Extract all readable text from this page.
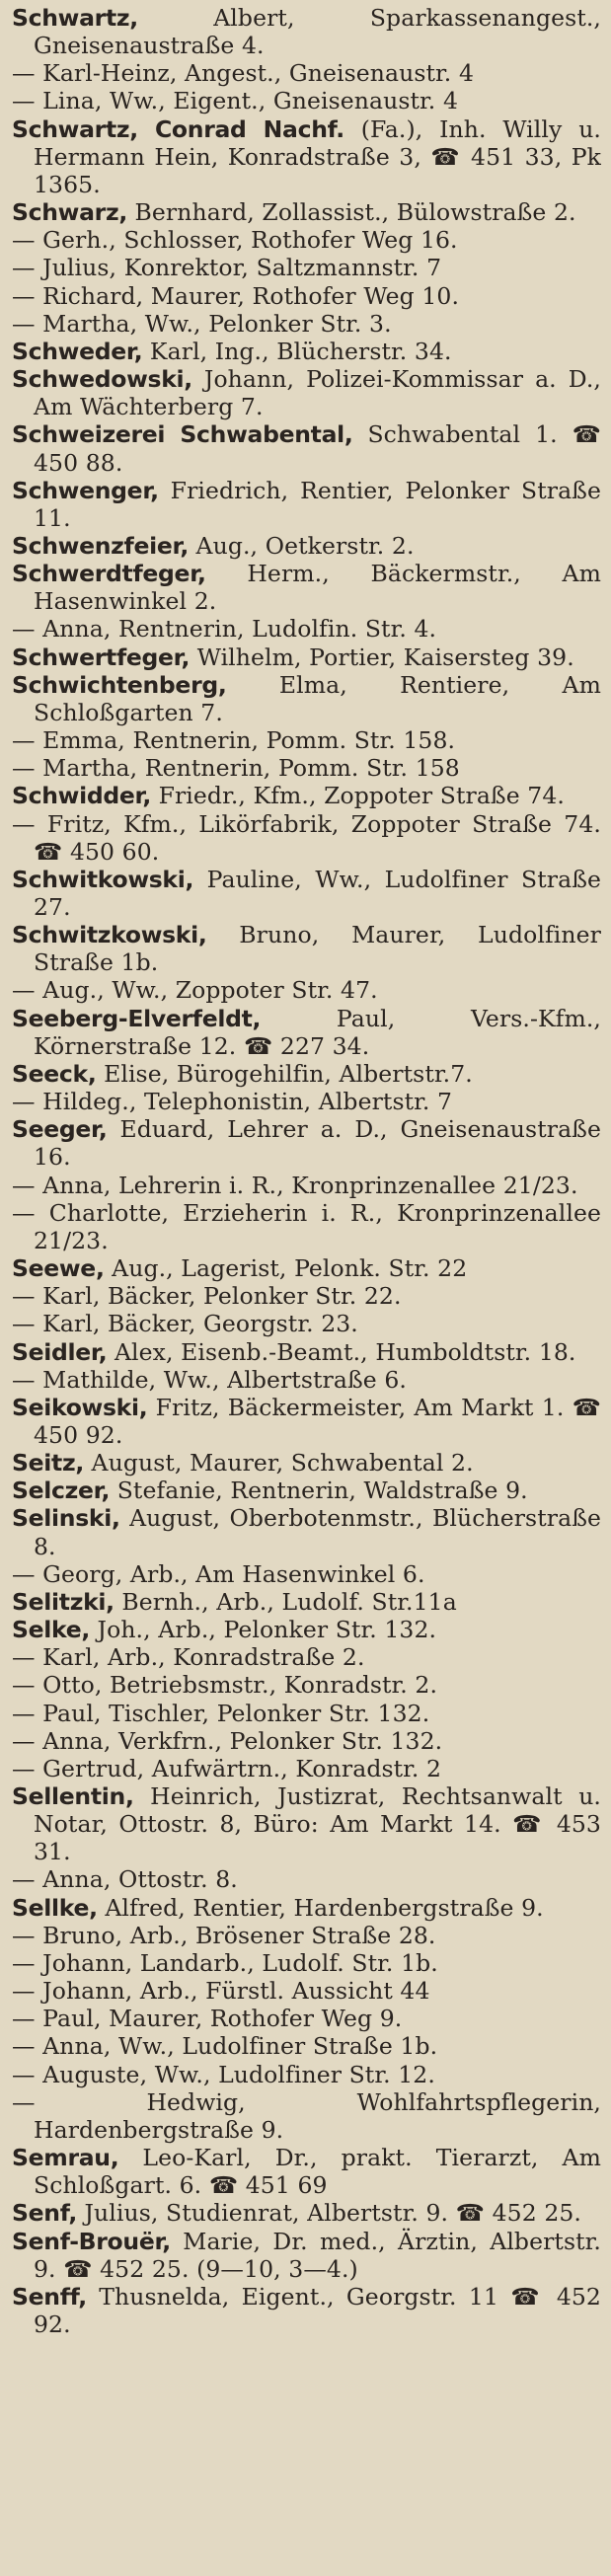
Schwartz, Albert, Sparkassenangest., Gneisenaustraße 4.
— Karl-Heinz, Angest., Gneisenaustr. 4
— Lina, Ww., Eigent., Gneisenaustr. 4
Schwartz, Conrad Nachf. (Fa.), Inh. Willy u. Hermann Hein, Konradstraße 3, ☎ 451 33, Pk 1365.
Schwarz, Bernhard, Zollassist., Bülowstraße 2.
— Gerh., Schlosser, Rothofer Weg 16.
— Julius, Konrektor, Saltzmannstr. 7
— Richard, Maurer, Rothofer Weg 10.
— Martha, Ww., Pelonker Str. 3.
Schweder, Karl, Ing., Blücherstr. 34.
Schwedowski, Johann, Polizei-Kommissar a. D., Am Wächterberg 7.
Schweizerei Schwabental, Schwabental 1. ☎ 450 88.
Schwenger, Friedrich, Rentier, Pelonker Straße 11.
Schwenzfeier, Aug., Oetkerstr. 2.
Schwerdtfeger, Herm., Bäckermstr., Am Hasenwinkel 2.
— Anna, Rentnerin, Ludolfin. Str. 4.
Schwertfeger, Wilhelm, Portier, Kaisersteg 39.
Schwichtenberg, Elma, Rentiere, Am Schloßgarten 7.
— Emma, Rentnerin, Pomm. Str. 158.
— Martha, Rentnerin, Pomm. Str. 158
Schwidder, Friedr., Kfm., Zoppoter Straße 74.
— Fritz, Kfm., Likörfabrik, Zoppoter Straße 74. ☎ 450 60.
Schwitkowski, Pauline, Ww., Ludolfiner Straße 27.
Schwitzkowski, Bruno, Maurer, Ludolfiner Straße 1b.
— Aug., Ww., Zoppoter Str. 47.
Seeberg-Elverfeldt, Paul, Vers.-Kfm., Körnerstraße 12. ☎ 227 34.
Seeck, Elise, Bürogehilfin, Albertstr.7.
— Hildeg., Telephonistin, Albertstr. 7
Seeger, Eduard, Lehrer a. D., Gneisenaustraße 16.
— Anna, Lehrerin i. R., Kronprinzenallee 21/23.
— Charlotte, Erzieherin i. R., Kronprinzenallee 21/23.
Seewe, Aug., Lagerist, Pelonk. Str. 22
— Karl, Bäcker, Pelonker Str. 22.
— Karl, Bäcker, Georgstr. 23.
Seidler, Alex, Eisenb.-Beamt., Humboldtstr. 18.
— Mathilde, Ww., Albertstraße 6.
Seikowski, Fritz, Bäckermeister, Am Markt 1. ☎ 450 92.
Seitz, August, Maurer, Schwabental 2.
Selczer, Stefanie, Rentnerin, Waldstraße 9.
Selinski, August, Oberbotenmstr., Blücherstraße 8.
— Georg, Arb., Am Hasenwinkel 6.
Selitzki, Bernh., Arb., Ludolf. Str.11a
Selke, Joh., Arb., Pelonker Str. 132.
— Karl, Arb., Konradstraße 2.
— Otto, Betriebsmstr., Konradstr. 2.
— Paul, Tischler, Pelonker Str. 132.
— Anna, Verkfrn., Pelonker Str. 132.
— Gertrud, Aufwärtrn., Konradstr. 2
Sellentin, Heinrich, Justizrat, Rechtsanwalt u. Notar, Ottostr. 8, Büro: Am Markt 14. ☎ 453 31.
— Anna, Ottostr. 8.
Sellke, Alfred, Rentier, Hardenbergstraße 9.
— Bruno, Arb., Brösener Straße 28.
— Johann, Landarb., Ludolf. Str. 1b.
— Johann, Arb., Fürstl. Aussicht 44
— Paul, Maurer, Rothofer Weg 9.
— Anna, Ww., Ludolfiner Straße 1b.
— Auguste, Ww., Ludolfiner Str. 12.
— Hedwig, Wohlfahrtspflegerin, Hardenbergstraße 9.
Semrau, Leo-Karl, Dr., prakt. Tierarzt, Am Schloßgart. 6. ☎ 451 69
Senf, Julius, Studienrat, Albertstr. 9. ☎ 452 25.
Senf-Brouër, Marie, Dr. med., Ärztin, Albertstr. 9. ☎ 452 25. (9—10, 3—4.)
Senff, Thusnelda, Eigent., Georgstr. 11 ☎ 452 92.
